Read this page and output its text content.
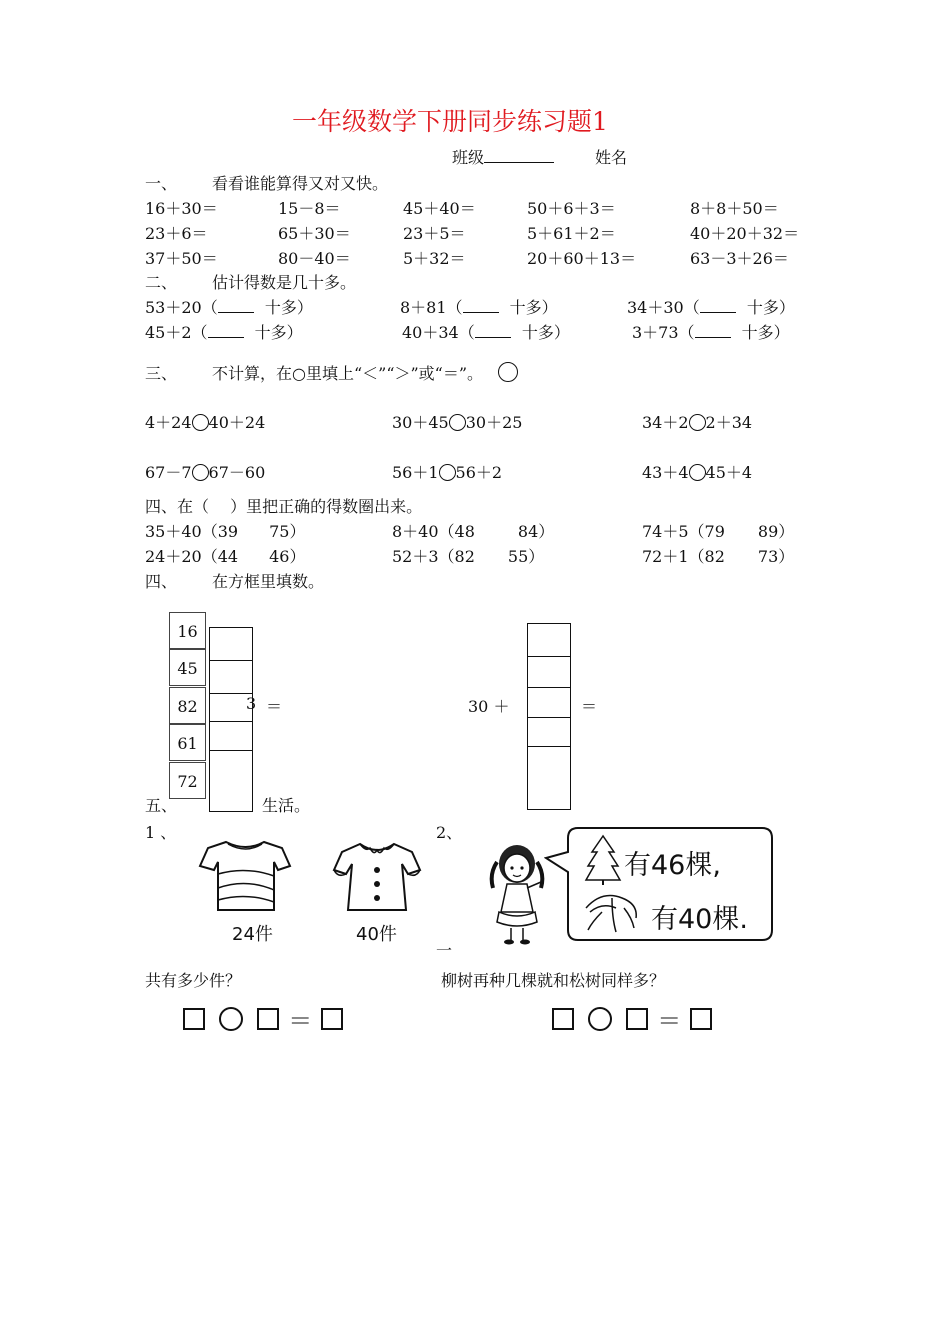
一年级数学下册同步练习题1
班级	姓名
一、 看看谁能算得又对又快。
16＋30＝	15－8＝	45＋40＝	50＋6＋3＝	8＋8＋50＝
23＋6＝	65＋30＝	23＋5＝	5＋61＋2＝	40＋20＋32＝
37＋50＝	80－40＝	5＋32＝	20＋60＋13＝	63－3＋26＝
二、 估计得数是几十多。
53＋20（	十多）	8＋81（	十多）	34＋30（	十多）
45＋2（	十多）	40＋34（	十多）	3＋73（	十多）
三、 不计算，在○里填上“＜”“＞”或“＝”。
4＋24 40＋24	30＋45 30＋25	34＋2 2＋34
67－7 67－60	56＋1 56＋2	43＋4 45＋4
四、在（　 ）里把正确的得数圈出来。
35＋40（39 75）	8＋40（48	84）	74＋5（79 89）
24＋20（44 46）	52＋3（82 55）	72＋1（82 73）
四、 在方框里填数。
3 ＝
16
45
82
61
72
30 ＋	＝
五、	生活。
1 、	2、
24件	40件
有46棵,
有40棵.
一
共有多少件？	柳树再种几棵就和松树同样多？
＝	＝
